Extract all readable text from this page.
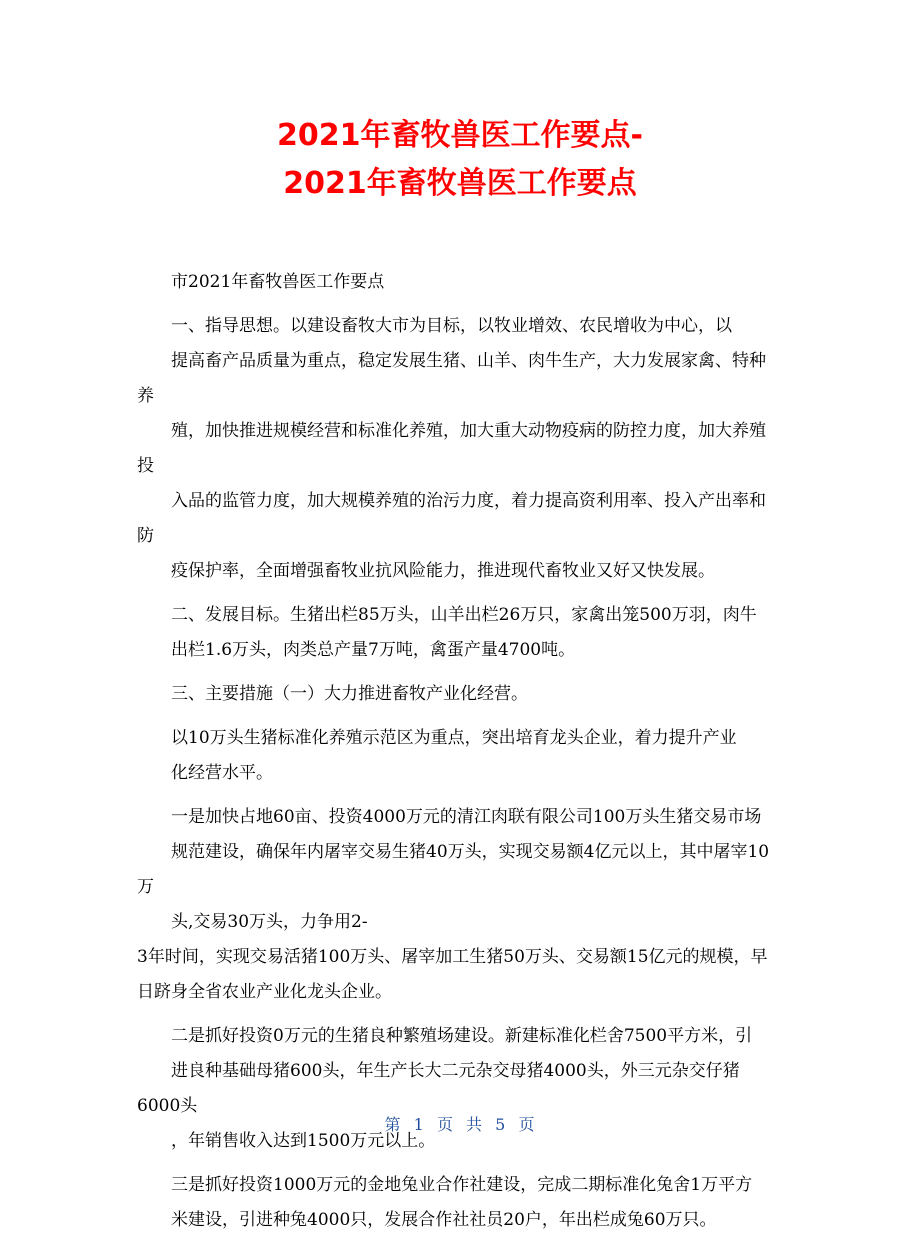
2021年畜牧兽医工作要点-
2021年畜牧兽医工作要点

市2021年畜牧兽医工作要点

一、指导思想。以建设畜牧大市为目标，以牧业增效、农民增收为中心，以
提高畜产品质量为重点，稳定发展生猪、山羊、肉牛生产，大力发展家禽、特种养
殖，加快推进规模经营和标准化养殖，加大重大动物疫病的防控力度，加大养殖投
入品的监管力度，加大规模养殖的治污力度，着力提高资利用率、投入产出率和防
疫保护率，全面增强畜牧业抗风险能力，推进现代畜牧业又好又快发展。

二、发展目标。生猪出栏85万头，山羊出栏26万只，家禽出笼500万羽，肉牛
出栏1.6万头，肉类总产量7万吨，禽蛋产量4700吨。

三、主要措施（一）大力推进畜牧产业化经营。

以10万头生猪标准化养殖示范区为重点，突出培育龙头企业，着力提升产业
化经营水平。

一是加快占地60亩、投资4000万元的清江肉联有限公司100万头生猪交易市场
规范建设，确保年内屠宰交易生猪40万头，实现交易额4亿元以上，其中屠宰10万
头,交易30万头，力争用2-

3年时间，实现交易活猪100万头、屠宰加工生猪50万头、交易额15亿元的规模，早
日跻身全省农业产业化龙头企业。

二是抓好投资0万元的生猪良种繁殖场建设。新建标准化栏舍7500平方米，引
进良种基础母猪600头，年生产长大二元杂交母猪4000头，外三元杂交仔猪6000头
，年销售收入达到1500万元以上。

三是抓好投资1000万元的金地兔业合作社建设，完成二期标准化兔舍1万平方
米建设，引进种兔4000只，发展合作社社员20户，年出栏成兔60万只。

第 1 页 共 5 页
